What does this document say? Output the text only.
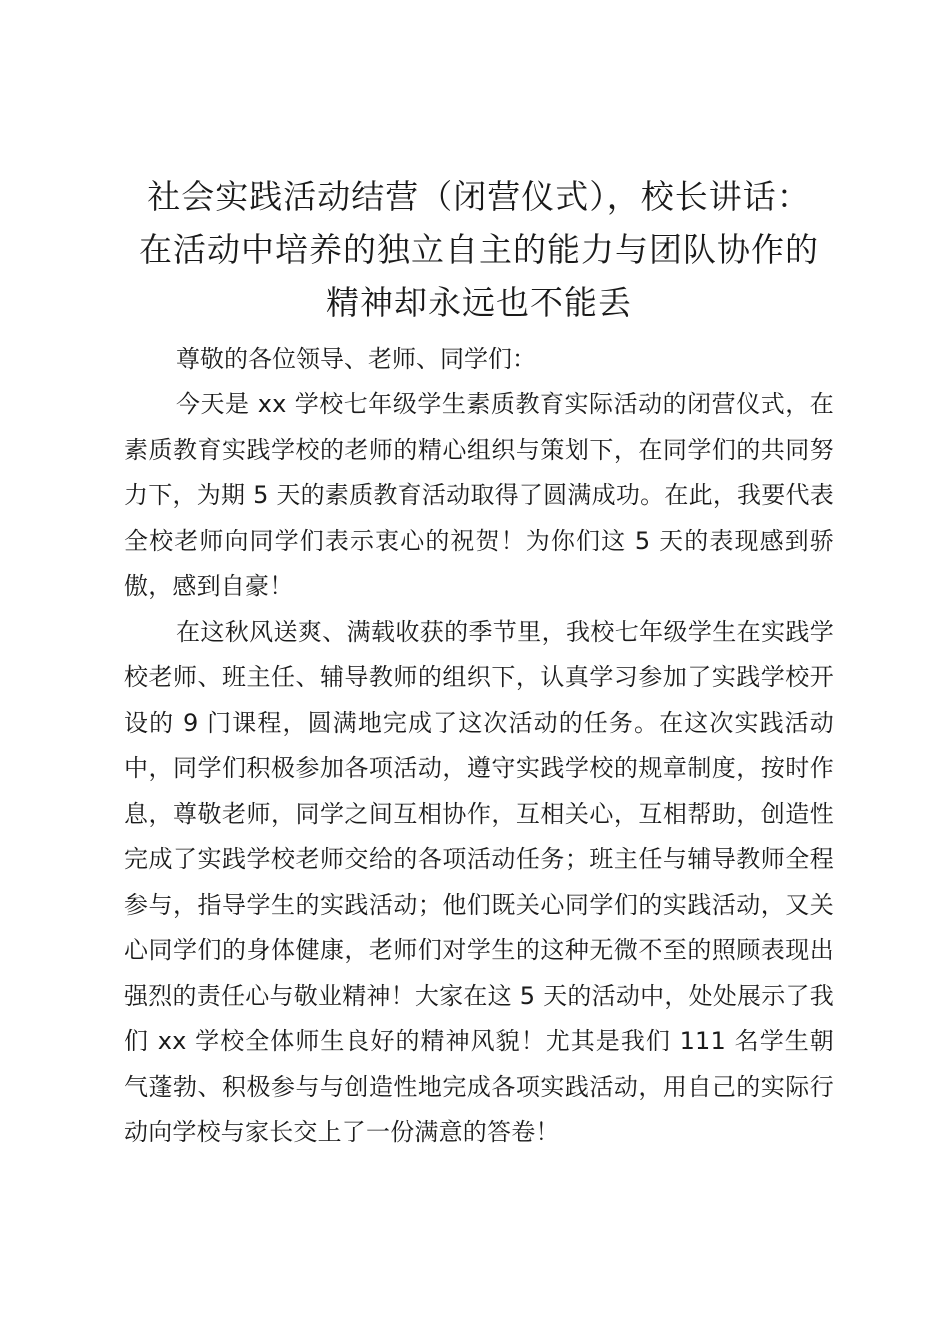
社会实践活动结营（闭营仪式），校长讲话：
在活动中培养的独立自主的能力与团队协作的
精神却永远也不能丢

尊敬的各位领导、老师、同学们：

今天是 xx 学校七年级学生素质教育实际活动的闭营仪式，在素质教育实践学校的老师的精心组织与策划下，在同学们的共同努力下，为期 5 天的素质教育活动取得了圆满成功。在此，我要代表全校老师向同学们表示衷心的祝贺！为你们这 5 天的表现感到骄傲，感到自豪！

在这秋风送爽、满载收获的季节里，我校七年级学生在实践学校老师、班主任、辅导教师的组织下，认真学习参加了实践学校开设的 9 门课程，圆满地完成了这次活动的任务。在这次实践活动中，同学们积极参加各项活动，遵守实践学校的规章制度，按时作息，尊敬老师，同学之间互相协作，互相关心，互相帮助，创造性完成了实践学校老师交给的各项活动任务；班主任与辅导教师全程参与，指导学生的实践活动；他们既关心同学们的实践活动，又关心同学们的身体健康，老师们对学生的这种无微不至的照顾表现出强烈的责任心与敬业精神！大家在这 5 天的活动中，处处展示了我们 xx 学校全体师生良好的精神风貌！尤其是我们 111 名学生朝气蓬勃、积极参与与创造性地完成各项实践活动，用自己的实际行动向学校与家长交上了一份满意的答卷！
